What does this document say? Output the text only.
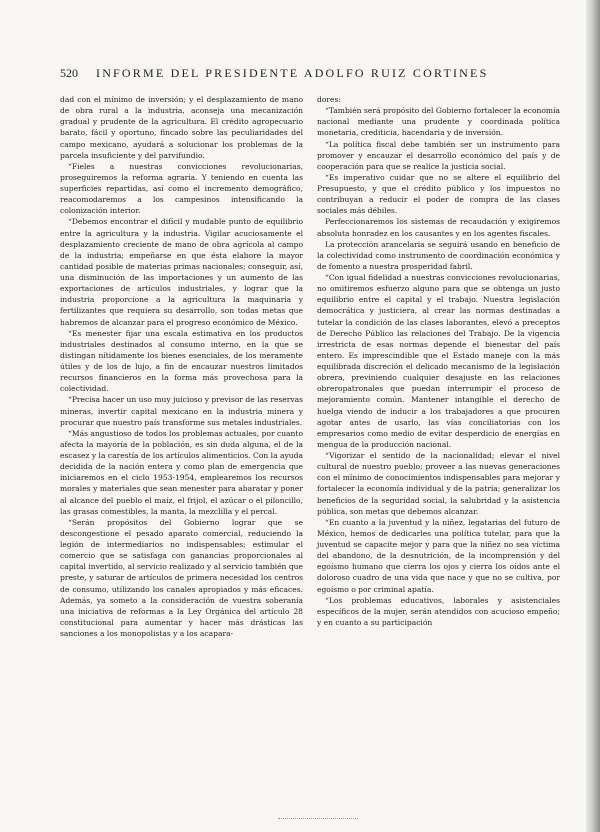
520 INFORME DEL PRESIDENTE ADOLFO RUIZ CORTINES

dad con el mínimo de inversión; y el desplazamiento de mano de obra rural a la industria, aconseja una mecanización gradual y prudente de la agricultura. El crédito agropecuario barato, fácil y oportuno, fincado sobre las peculiaridades del campo mexicano, ayudará a solucionar los problemas de la parcela insuficiente y del parvifundio.

“Fieles a nuestras convicciones revolucionarias, proseguiremos la reforma agraria. Y teniendo en cuenta las superficies repartidas, así como el incremento demográfico, reacomodaremos a los campesinos intensificando la colonización interior.

“Debemos encontrar el difícil y mudable punto de equilibrio entre la agricultura y la industria. Vigilar acuciosamente el desplazamiento creciente de mano de obra agrícola al campo de la industria; empeñarse en que ésta elabore la mayor cantidad posible de materias primas nacionales; conseguir, así, una disminución de las importaciones y un aumento de las exportaciones de artículos industriales, y lograr que la industria proporcione a la agricultura la maquinaria y fertilizantes que requiera su desarrollo, son todas metas que habremos de alcanzar para el progreso económico de México.

“Es menester fijar una escala estimativa en los productos industriales destinados al consumo interno, en la que se distingan nítidamente los bienes esenciales, de los meramente útiles y de los de lujo, a fin de encauzar nuestros limitados recursos financieros en la forma más provechosa para la colectividad.

“Precisa hacer un uso muy juicioso y previsor de las reservas mineras, invertir capital mexicano en la industria minera y procurar que nuestro país transforme sus metales industriales.

“Más angustioso de todos los problemas actuales, por cuanto afecta la mayoría de la población, es sin duda alguna, el de la escasez y la carestía de los artículos alimenticios. Con la ayuda decidida de la nación entera y como plan de emergencia que iniciaremos en el ciclo 1953-1954, emplearemos los recursos morales y materiales que sean menester para abaratar y poner al alcance del pueblo el maíz, el frijol, el azúcar o el piloncillo, las grasas comestibles, la manta, la mezclilla y el percal.

“Serán propósitos del Gobierno lograr que se descongestione el pesado aparato comercial, reduciendo la legión de intermediarios no indispensables; estimular el comercio que se satisfaga con ganancias proporcionales al capital invertido, al servicio realizado y al servicio también que preste, y saturar de artículos de primera necesidad los centros de consumo, utilizando los canales apropiados y más eficaces. Además, ya someto a la consideración de vuestra soberanía una iniciativa de reformas a la Ley Orgánica del artículo 28 constitucional para aumentar y hacer más drásticas las sanciones a los monopolistas y a los acapara-

dores:

“También será propósito del Gobierno fortalecer la economía nacional mediante una prudente y coordinada política monetaria, crediticia, hacendaria y de inversión.

“La política fiscal debe también ser un instrumento para promover y encauzar el desarrollo económico del país y de cooperación para que se realice la justicia social.

“Es imperativo cuidar que no se altere el equilibrio del Presupuesto, y que el crédito público y los impuestos no contribuyan a reducir el poder de compra de las clases sociales más débiles.

Perfeccionaremos los sistemas de recaudación y exigiremos absoluta honradez en los causantes y en los agentes fiscales.

La protección arancelaria se seguirá usando en beneficio de la colectividad como instrumento de coordinación económica y de fomento a nuestra prosperidad fabril.

“Con igual fidelidad a nuestras convicciones revolucionarias, no omitiremos esfuerzo alguno para que se obtenga un justo equilibrio entre el capital y el trabajo. Nuestra legislación democrática y justiciera, al crear las normas destinadas a tutelar la condición de las clases laborantes, elevó a preceptos de Derecho Público las relaciones del Trabajo. De la vigencia irrestricta de esas normas depende el bienestar del país entero. Es imprescindible que el Estado maneje con la más equilibrada discreción el delicado mecanismo de la legislación obrera, previniendo cualquier desajuste en las relaciones obreropatronales que puedan interrumpir el proceso de mejoramiento común. Mantener intangible el derecho de huelga viendo de inducir a los trabajadores a que procuren agotar antes de usarlo, las vías conciliatorias con los empresarios como medio de evitar desperdicio de energías en mengua de la producción nacional.

“Vigorizar el sentido de la nacionalidad; elevar el nivel cultural de nuestro pueblo; proveer a las nuevas generaciones con el mínimo de conocimientos indispensables para mejorar y fortalecer la economía individual y de la patria; generalizar los beneficios de la seguridad social, la salubridad y la asistencia pública, son metas que debemos alcanzar.

“En cuanto a la juventud y la niñez, legatarias del futuro de México, hemos de dedicarles una política tutelar, para que la juventud se capacite mejor y para que la niñez no sea víctima del abandono, de la desnutrición, de la incomprensión y del egoísmo humano que cierra los ojos y cierra los oídos ante el doloroso cuadro de una vida que nace y que no se cultiva, por egoísmo o por criminal apatía.

“Los problemas educativos, laborales y asistenciales específicos de la mujer, serán atendidos con acucioso empeño; y en cuanto a su participación
